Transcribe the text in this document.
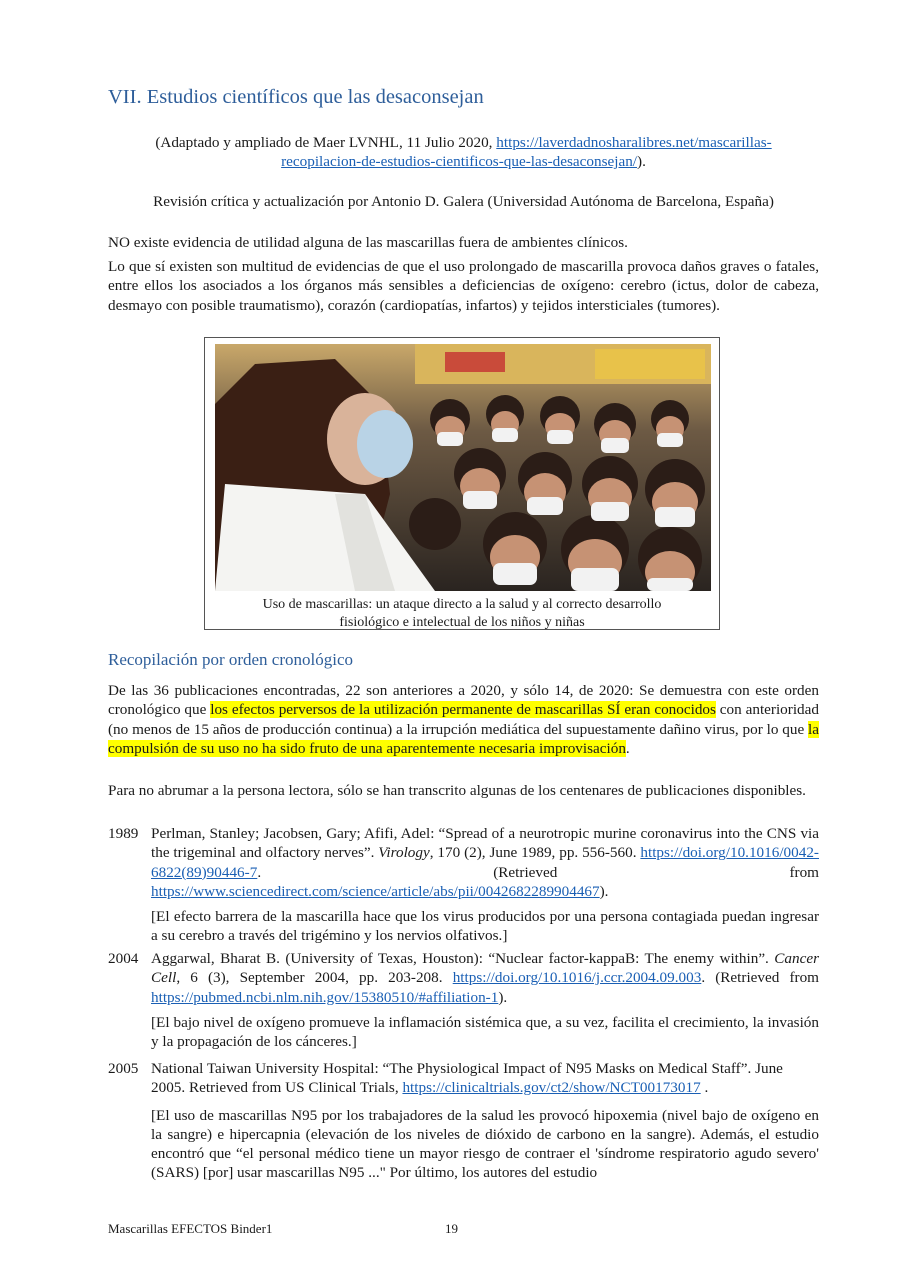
VII. Estudios científicos que las desaconsejan
(Adaptado y ampliado de Maer LVNHL, 11 Julio 2020, https://laverdadnosharalibres.net/mascarillas-
recopilacion-de-estudios-cientificos-que-las-desaconsejan/).
Revisión crítica y actualización por Antonio D. Galera (Universidad Autónoma de Barcelona, España)

NO existe evidencia de utilidad alguna de las mascarillas fuera de ambientes clínicos.

Lo que sí existen son multitud de evidencias de que el uso prolongado de mascarilla provoca daños graves o fatales, entre ellos los asociados a los órganos más sensibles a deficiencias de oxígeno: cerebro (ictus, dolor de cabeza, desmayo con posible traumatismo), corazón (cardiopatías, infartos) y tejidos intersticiales (tumores).

Uso de mascarillas: un ataque directo a la salud y al correcto desarrollo
fisiológico e intelectual de los niños y niñas
Recopilación por orden cronológico

De las 36 publicaciones encontradas, 22 son anteriores a 2020, y sólo 14, de 2020: Se demuestra con este orden cronológico que los efectos perversos de la utilización permanente de mascarillas SÍ eran conocidos con anterioridad (no menos de 15 años de producción continua) a la irrupción mediática del supuestamente dañino virus, por lo que la compulsión de su uso no ha sido fruto de una aparentemente necesaria improvisación.

Para no abrumar a la persona lectora, sólo se han transcrito algunas de los centenares de publicaciones disponibles.

1989 Perlman, Stanley; Jacobsen, Gary; Afifi, Adel: “Spread of a neurotropic murine coronavirus into the CNS via the trigeminal and olfactory nerves”. Virology, 170 (2), June 1989, pp. 556-560. https://doi.org/10.1016/0042-6822(89)90446-7. (Retrieved from https://www.sciencedirect.com/science/article/abs/pii/0042682289904467).

[El efecto barrera de la mascarilla hace que los virus producidos por una persona contagiada puedan ingresar a su cerebro a través del trigémino y los nervios olfativos.]

2004 Aggarwal, Bharat B. (University of Texas, Houston): “Nuclear factor-kappaB: The enemy within”. Cancer Cell, 6 (3), September 2004, pp. 203-208. https://doi.org/10.1016/j.ccr.2004.09.003. (Retrieved from https://pubmed.ncbi.nlm.nih.gov/15380510/#affiliation-1).

[El bajo nivel de oxígeno promueve la inflamación sistémica que, a su vez, facilita el crecimiento, la invasión y la propagación de los cánceres.]

2005 National Taiwan University Hospital: “The Physiological Impact of N95 Masks on Medical Staff”. June 2005. Retrieved from US Clinical Trials, https://clinicaltrials.gov/ct2/show/NCT00173017 .

[El uso de mascarillas N95 por los trabajadores de la salud les provocó hipoxemia (nivel bajo de oxígeno en la sangre) e hipercapnia (elevación de los niveles de dióxido de carbono en la sangre). Además, el estudio encontró que “el personal médico tiene un mayor riesgo de contraer el 'síndrome respiratorio agudo severo' (SARS) [por] usar mascarillas N95 ..." Por último, los autores del estudio

Mascarillas EFECTOS Binder1	19
